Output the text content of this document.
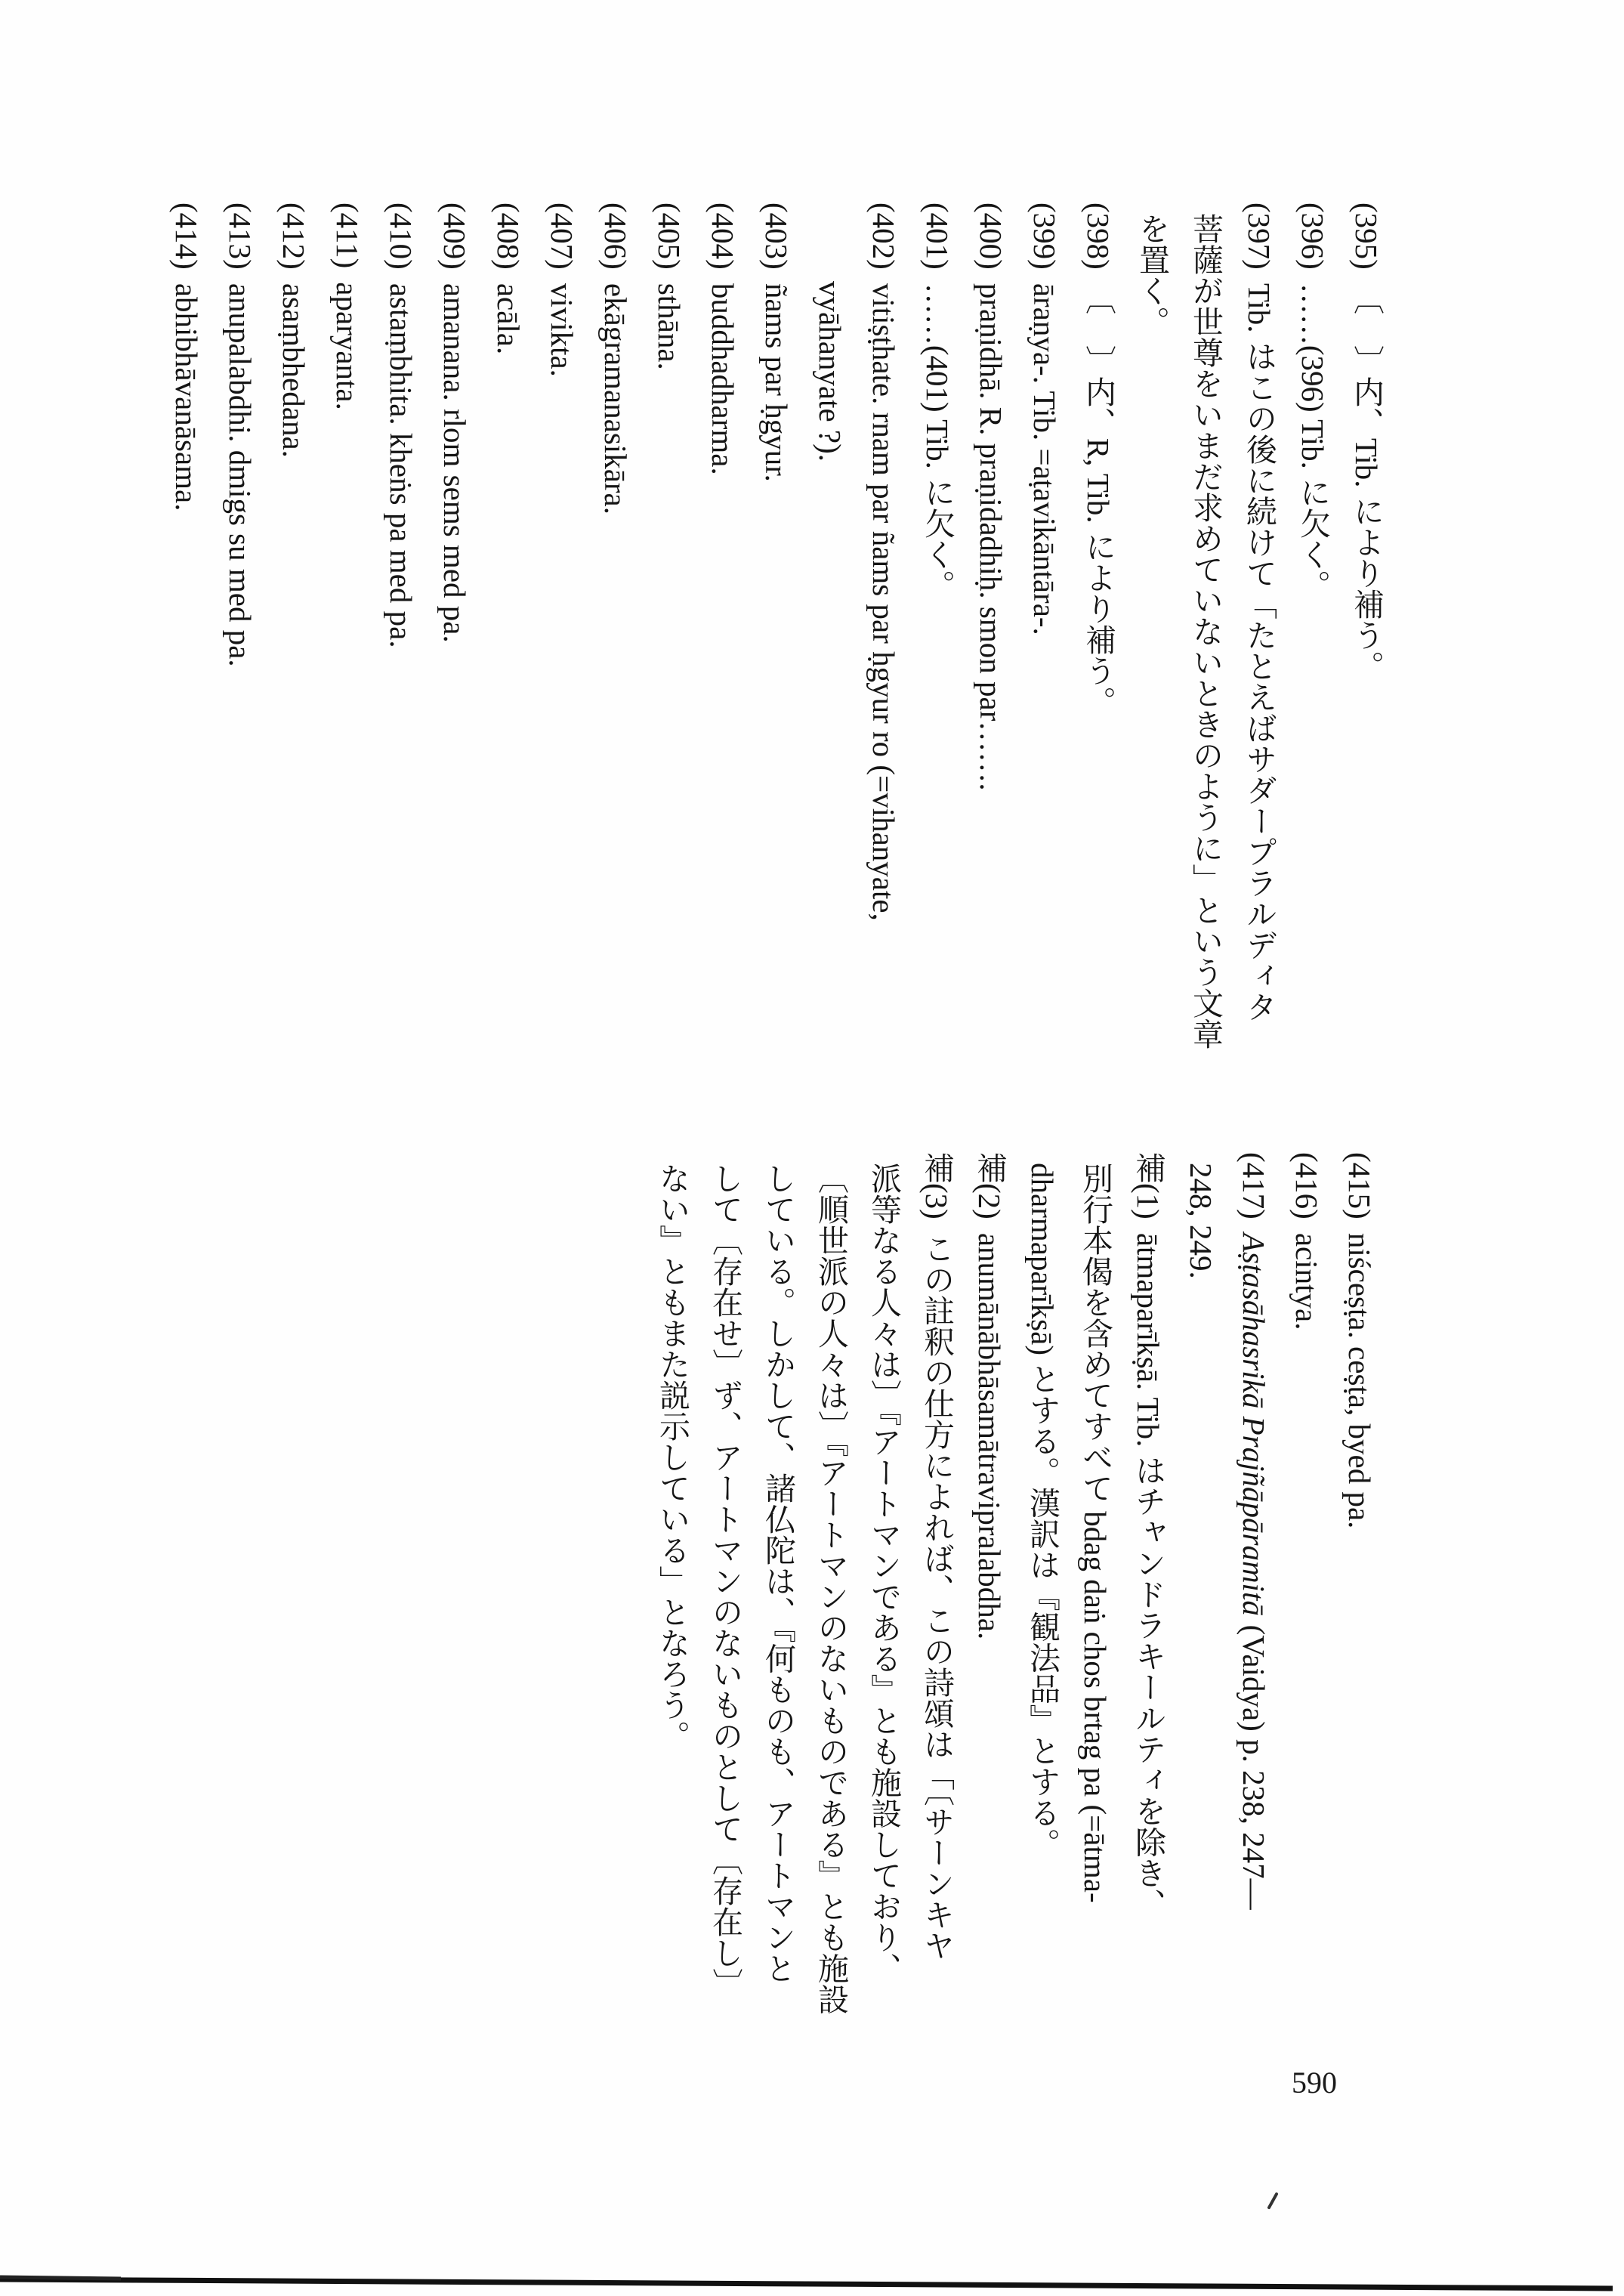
(395)〔　〕内、Tib. により補う。
(396)……(396) Tib. に欠く。
(397)Tib. はこの後に続けて「たとえばサダープラルディタ
菩薩が世尊をいまだ求めていないときのように」という文章
を置く。
(398)〔　〕内、R, Tib. により補う。
(399)āraṇya-. Tib. =aṭavikāntāra-.
(400)praṇidhā. R. praṇidadhiḥ. smon par…….
(401)……(401) Tib. に欠く。
(402)vitiṣṭhate. rnam par ñams par ḥgyur ro (=vihanyate,
vyāhanyate ?).
(403)ñams par ḥgyur.
(404)buddhadharma.
(405)sthāna.
(406)ekāgramanasikāra.
(407)vivikta.
(408)acāla.
(409)amanana. rlom sems med pa.
(410)astaṃbhita. kheṅs pa med pa.
(411)aparyanta.
(412)asaṃbhedana.
(413)anupalabdhi. dmigs su med pa.
(414)abhibhāvanāsama.
(415)niśceṣṭa. ceṣṭa, byed pa.
(416)acintya.
(417)Aṣṭasāhasrikā Prajñāpāramitā(Vaidya) p. 238, 247—
248, 249.
補(1)ātmaparīkṣā. Tib. はチャンドラキールティを除き、
別行本偈を含めてすべて bdag daṅ chos brtag pa (=ātma-
dharmaparīkṣā) とする。漢訳は『観法品』とする。
補(2)anumānābhāsamātravipralabdha.
補(3)この註釈の仕方によれば、この詩頌は「〔サーンキヤ
派等なる人々は〕『アートマンである』とも施設しており、
〔順世派の人々は〕『アートマンのないものである』とも施設
している。しかして、諸仏陀は、『何ものも、アートマンと
して〔存在せ〕ず、アートマンのないものとして〔存在し〕
ない』ともまた説示している」となろう。
590
